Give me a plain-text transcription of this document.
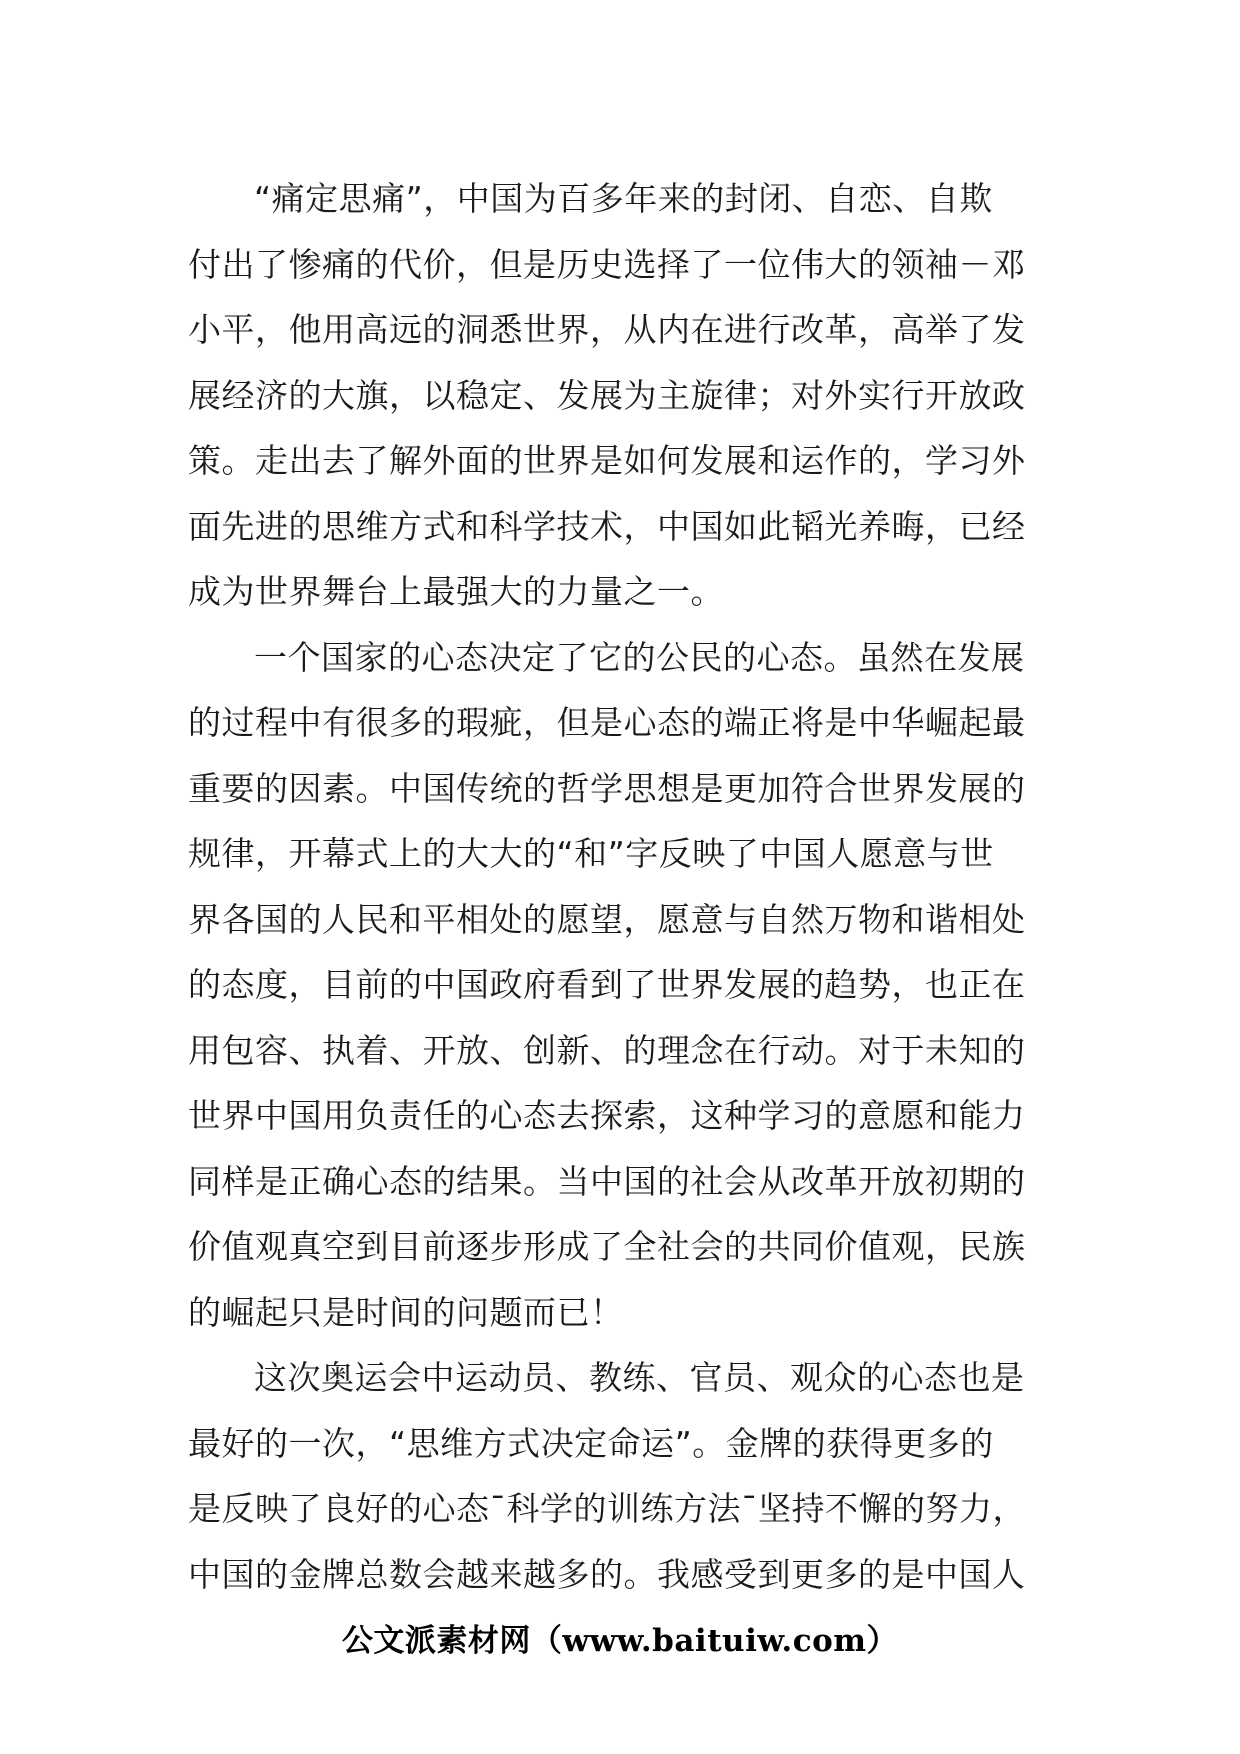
“痛定思痛”，中国为百多年来的封闭、自恋、自欺
付出了惨痛的代价，但是历史选择了一位伟大的领袖－邓
小平，他用高远的洞悉世界，从内在进行改革，高举了发
展经济的大旗，以稳定、发展为主旋律；对外实行开放政
策。走出去了解外面的世界是如何发展和运作的，学习外
面先进的思维方式和科学技术，中国如此韬光养晦，已经
成为世界舞台上最强大的力量之一。
一个国家的心态决定了它的公民的心态。虽然在发展
的过程中有很多的瑕疵，但是心态的端正将是中华崛起最
重要的因素。中国传统的哲学思想是更加符合世界发展的
规律，开幕式上的大大的“和”字反映了中国人愿意与世
界各国的人民和平相处的愿望，愿意与自然万物和谐相处
的态度，目前的中国政府看到了世界发展的趋势，也正在
用包容、执着、开放、创新、的理念在行动。对于未知的
世界中国用负责任的心态去探索，这种学习的意愿和能力
同样是正确心态的结果。当中国的社会从改革开放初期的
价值观真空到目前逐步形成了全社会的共同价值观，民族
的崛起只是时间的问题而已！
这次奥运会中运动员、教练、官员、观众的心态也是
最好的一次，“思维方式决定命运”。金牌的获得更多的
是反映了良好的心态¯科学的训练方法¯坚持不懈的努力，
中国的金牌总数会越来越多的。我感受到更多的是中国人
公文派素材网（www.baituiw.com）
